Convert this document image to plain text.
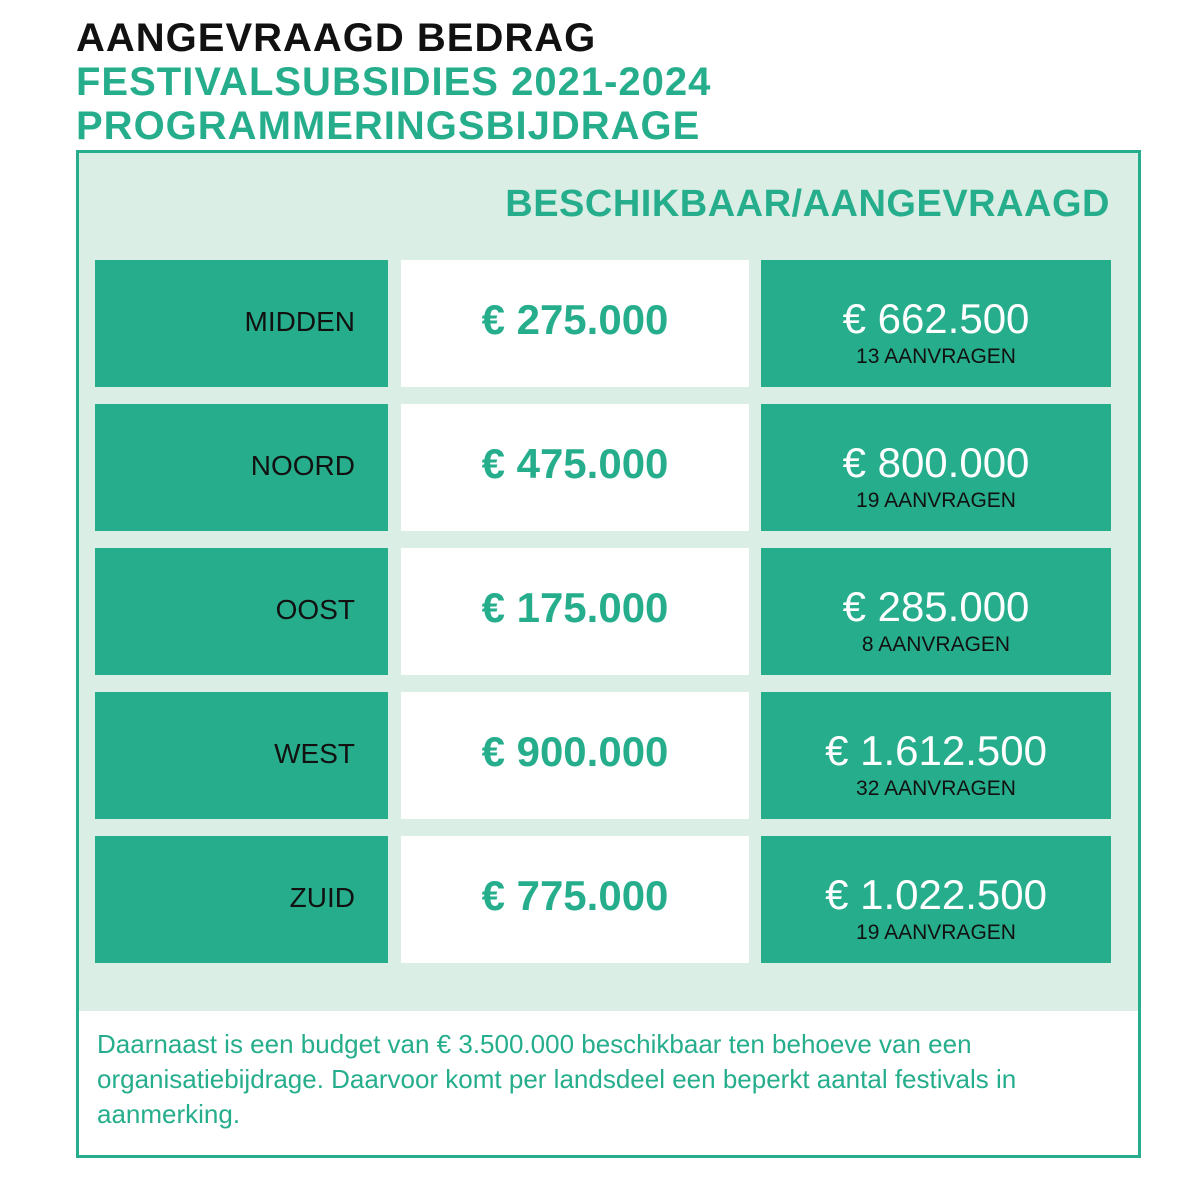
AANGEVRAAGD BEDRAG
FESTIVALSUBSIDIES 2021-2024
PROGRAMMERINGSBIJDRAGE
BESCHIKBAAR/AANGEVRAAGD
MIDDEN	€ 275.000	€ 662.500
13 AANVRAGEN
NOORD	€ 475.000	€ 800.000
19 AANVRAGEN
OOST	€ 175.000	€ 285.000
8 AANVRAGEN
WEST	€ 900.000	€ 1.612.500
32 AANVRAGEN
ZUID	€ 775.000	€ 1.022.500
19 AANVRAGEN
Daarnaast is een budget van € 3.500.000 beschikbaar ten behoeve van een organisatiebijdrage. Daarvoor komt per landsdeel een beperkt aantal festivals in aanmerking.
